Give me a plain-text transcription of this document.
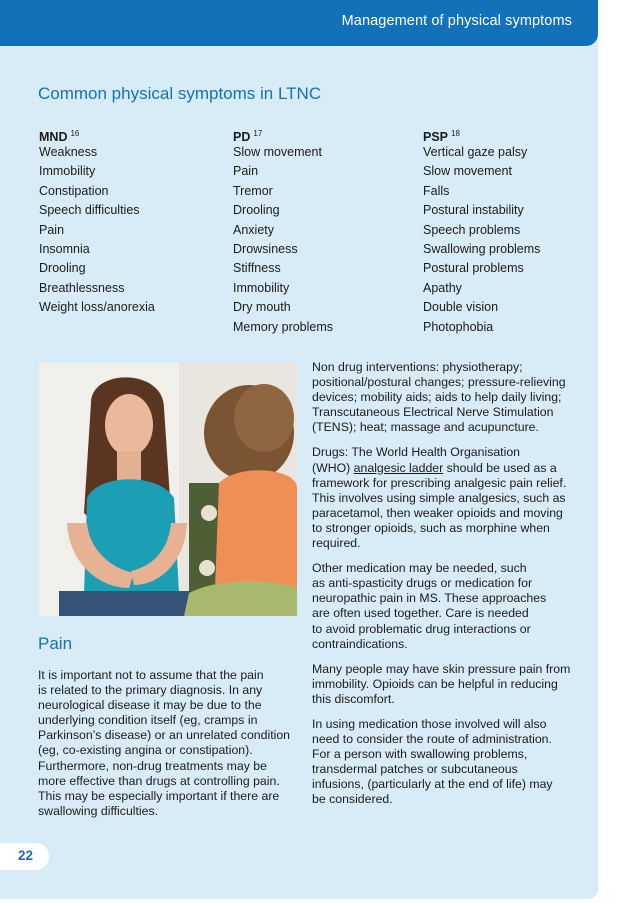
Management of physical symptoms
Common physical symptoms in LTNC
MND $^{16}$
Weakness
Immobility
Constipation
Speech difficulties
Pain
Insomnia
Drooling
Breathlessness
Weight loss/anorexia
PD $^{17}$
Slow movement
Pain
Tremor
Drooling
Anxiety
Drowsiness
Stiffness
Immobility
Dry mouth
Memory problems
PSP $^{18}$
Vertical gaze palsy
Slow movement
Falls
Postural instability
Speech problems
Swallowing problems
Postural problems
Apathy
Double vision
Photophobia
Pain
It is important not to assume that the pain
is related to the primary diagnosis. In any
neurological disease it may be due to the
underlying condition itself (eg, cramps in
Parkinson’s disease) or an unrelated condition
(eg, co-existing angina or constipation).
Furthermore, non-drug treatments may be
more effective than drugs at controlling pain.
This may be especially important if there are
swallowing difficulties.

Non drug interventions: physiotherapy;
positional/postural changes; pressure-relieving
devices; mobility aids; aids to help daily living;
Transcutaneous Electrical Nerve Stimulation
(TENS); heat; massage and acupuncture.

Drugs: The World Health Organisation
(WHO) analgesic ladder should be used as a
framework for prescribing analgesic pain relief.
This involves using simple analgesics, such as
paracetamol, then weaker opioids and moving
to stronger opioids, such as morphine when
required.

Other medication may be needed, such
as anti-spasticity drugs or medication for
neuropathic pain in MS. These approaches
are often used together. Care is needed
to avoid problematic drug interactions or
contraindications.

Many people may have skin pressure pain from
immobility. Opioids can be helpful in reducing
this discomfort.

In using medication those involved will also
need to consider the route of administration.
For a person with swallowing problems,
transdermal patches or subcutaneous
infusions, (particularly at the end of life) may
be considered.

22
